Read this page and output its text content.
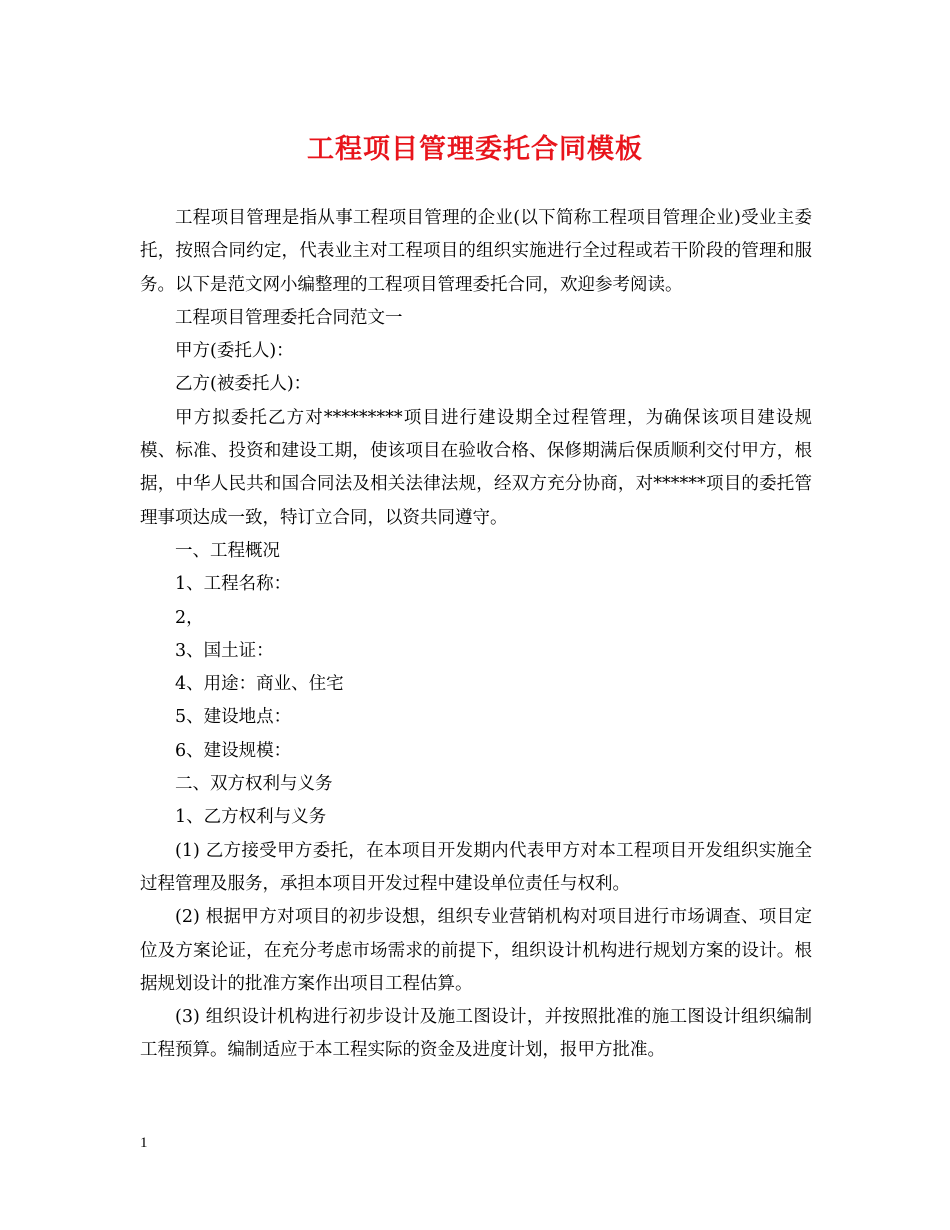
工程项目管理委托合同模板

工程项目管理是指从事工程项目管理的企业(以下简称工程项目管理企业)受业主委托，按照合同约定，代表业主对工程项目的组织实施进行全过程或若干阶段的管理和服务。以下是范文网小编整理的工程项目管理委托合同，欢迎参考阅读。

工程项目管理委托合同范文一

甲方(委托人)：

乙方(被委托人)：

甲方拟委托乙方对*********项目进行建设期全过程管理，为确保该项目建设规模、标准、投资和建设工期，使该项目在验收合格、保修期满后保质顺利交付甲方，根据，中华人民共和国合同法及相关法律法规，经双方充分协商，对******项目的委托管理事项达成一致，特订立合同，以资共同遵守。

一、工程概况

1、工程名称：

2，

3、国土证：

4、用途：商业、住宅

5、建设地点：

6、建设规模：

二、双方权利与义务

1、乙方权利与义务

(1) 乙方接受甲方委托，在本项目开发期内代表甲方对本工程项目开发组织实施全过程管理及服务，承担本项目开发过程中建设单位责任与权利。

(2) 根据甲方对项目的初步设想，组织专业营销机构对项目进行市场调查、项目定位及方案论证，在充分考虑市场需求的前提下，组织设计机构进行规划方案的设计。根据规划设计的批准方案作出项目工程估算。

(3) 组织设计机构进行初步设计及施工图设计，并按照批准的施工图设计组织编制工程预算。编制适应于本工程实际的资金及进度计划，报甲方批准。

1
